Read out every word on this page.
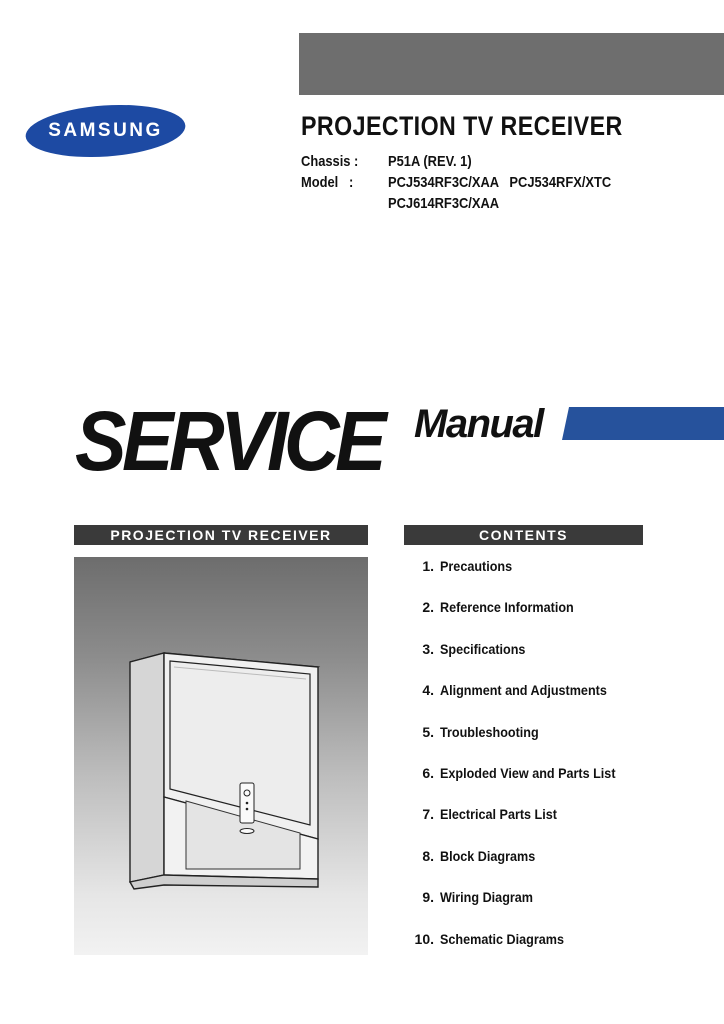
SAMSUNG	PROJECTION TV RECEIVER
Chassis : P51A (REV. 1)
Model   : PCJ534RF3C/XAA   PCJ534RFX/XTC
PCJ614RF3C/XAA
SERVICE Manual
PROJECTION TV RECEIVER	CONTENTS
1. Precautions
2. Reference Information
3. Specifications
4. Alignment and Adjustments
5. Troubleshooting
6. Exploded View and Parts List
7. Electrical Parts List
8. Block Diagrams
9. Wiring Diagram
10. Schematic Diagrams
